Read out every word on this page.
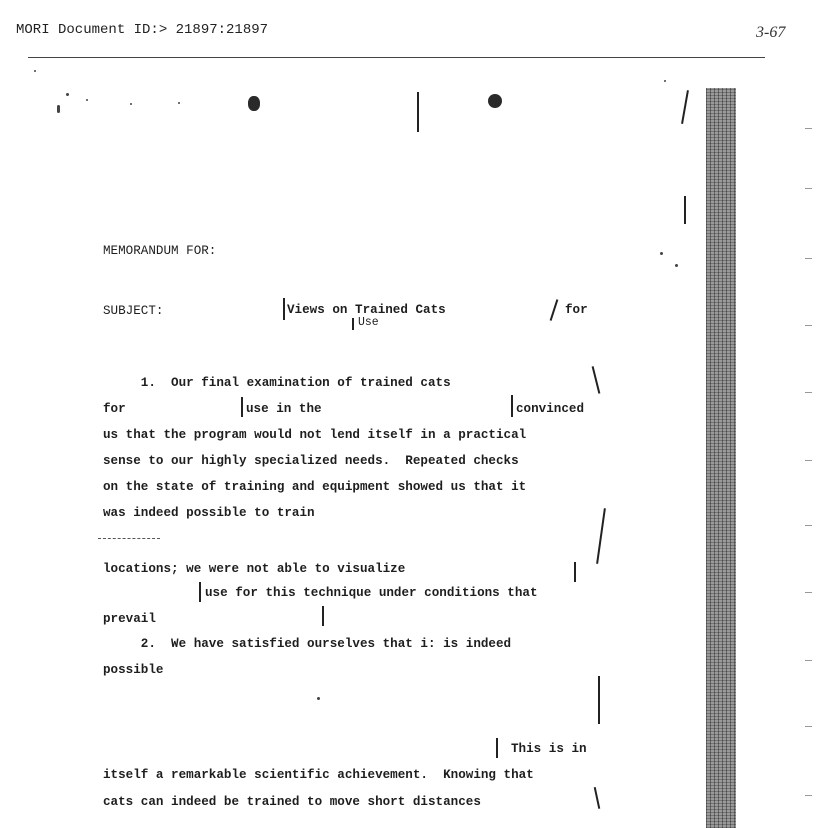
MORI Document ID:> 21897:21897	3-67
MEMORANDUM FOR:
SUBJECT:	Views on Trained Cats	for
Use
1.  Our final examination of trained cats
for	use in the	convinced
us that the program would not lend itself in a practical
sense to our highly specialized needs.  Repeated checks
on the state of training and equipment showed us that it
was indeed possible to train
locations; we were not able to visualize
use for this technique under conditions that
prevail
2.  We have satisfied ourselves that i: is indeed
possible
This is in
itself a remarkable scientific achievement.  Knowing that
cats can indeed be trained to move short distances
